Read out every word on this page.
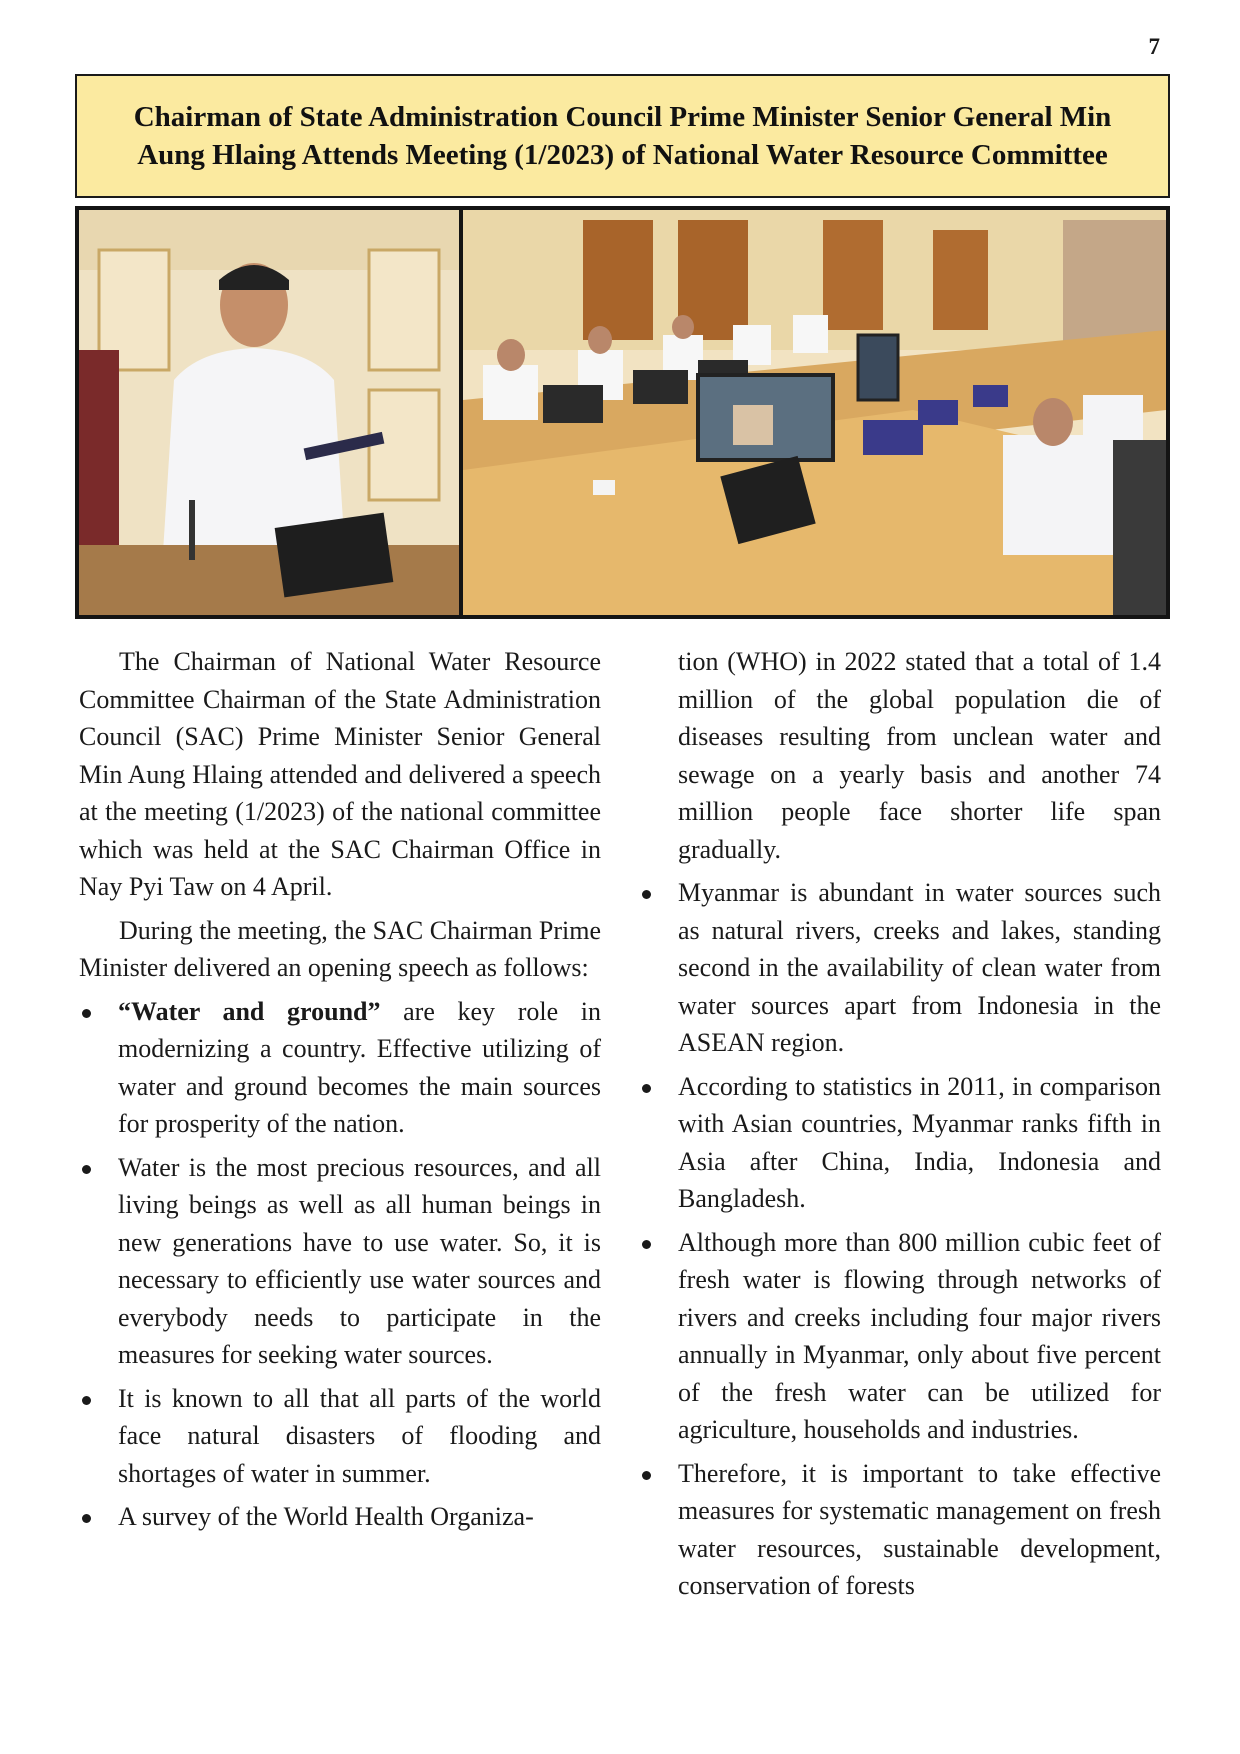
7
Chairman of State Administration Council Prime Minister Senior General Min Aung Hlaing Attends Meeting (1/2023) of National Water Resource Committee

The Chairman of National Water Resource Committee Chairman of the State Administration Council (SAC) Prime Minister Senior General Min Aung Hlaing attended and delivered a speech at the meeting (1/2023) of the national committee which was held at the SAC Chairman Office in Nay Pyi Taw on 4 April.

During the meeting, the SAC Chairman Prime Minister delivered an opening speech as follows:

“Water and ground” are key role in modernizing a country. Effective utilizing of water and ground becomes the main sources for prosperity of the nation.
Water is the most precious resources, and all living beings as well as all human beings in new generations have to use water. So, it is necessary to efficiently use water sources and everybody needs to participate in the measures for seeking water sources.
It is known to all that all parts of the world face natural disasters of flooding and shortages of water in summer.
A survey of the World Health Organiza-

tion (WHO) in 2022 stated that a total of 1.4 million of the global population die of diseases resulting from unclean water and sewage on a yearly basis and another 74 million people face shorter life span gradually.

Myanmar is abundant in water sources such as natural rivers, creeks and lakes, standing second in the availability of clean water from water sources apart from Indonesia in the ASEAN region.
According to statistics in 2011, in comparison with Asian countries, Myanmar ranks fifth in Asia after China, India, Indonesia and Bangladesh.
Although more than 800 million cubic feet of fresh water is flowing through networks of rivers and creeks including four major rivers annually in Myanmar, only about five percent of the fresh water can be utilized for agriculture, households and industries.
Therefore, it is important to take effective measures for systematic management on fresh water resources, sustainable development, conservation of forests
